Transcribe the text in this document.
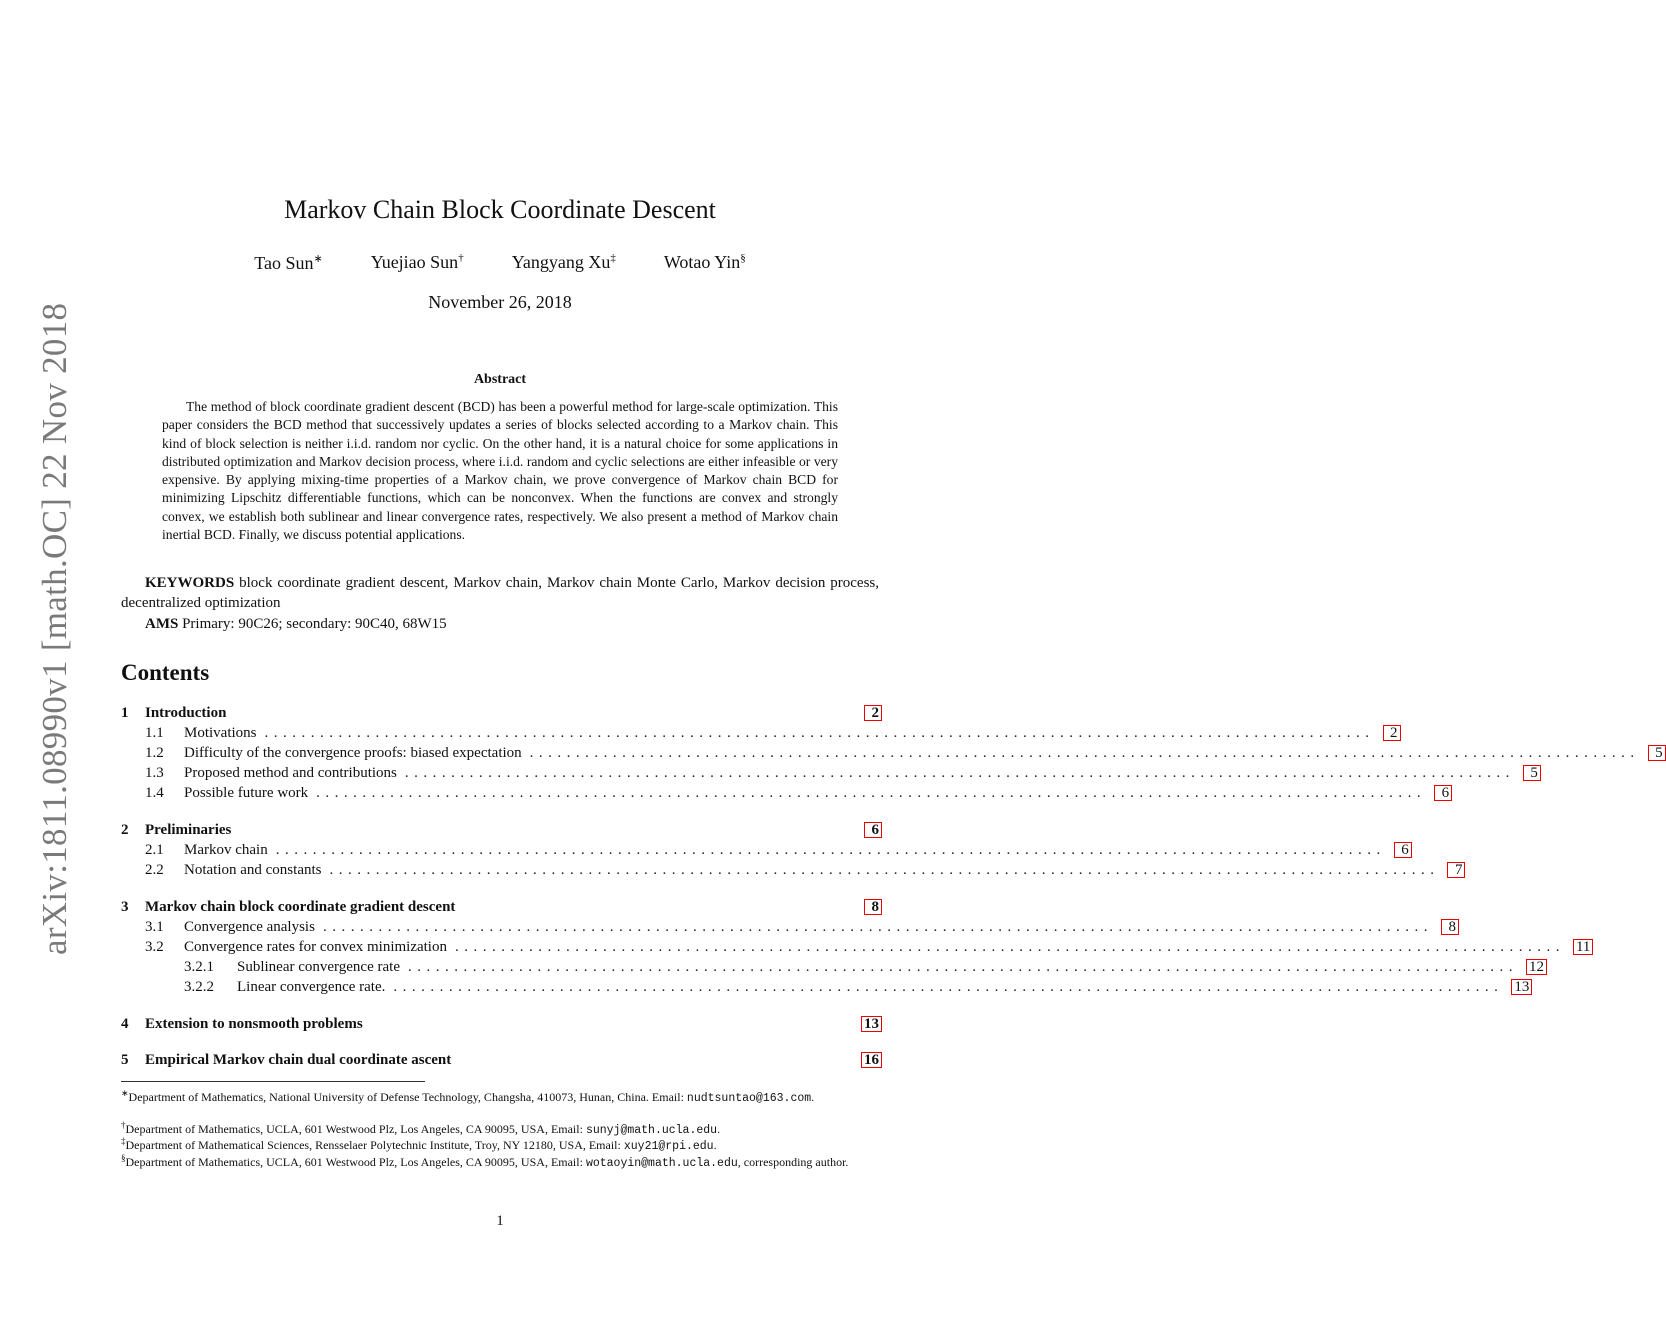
arXiv:1811.08990v1 [math.OC] 22 Nov 2018
Markov Chain Block Coordinate Descent
Tao Sun∗	Yuejiao Sun†	Yangyang Xu‡	Wotao Yin§
November 26, 2018
Abstract
The method of block coordinate gradient descent (BCD) has been a powerful method for large-scale optimization. This paper considers the BCD method that successively updates a series of blocks selected according to a Markov chain. This kind of block selection is neither i.i.d. random nor cyclic. On the other hand, it is a natural choice for some applications in distributed optimization and Markov decision process, where i.i.d. random and cyclic selections are either infeasible or very expensive. By applying mixing-time properties of a Markov chain, we prove convergence of Markov chain BCD for minimizing Lipschitz differentiable functions, which can be nonconvex. When the functions are convex and strongly convex, we establish both sublinear and linear convergence rates, respectively. We also present a method of Markov chain inertial BCD. Finally, we discuss potential applications.
KEYWORDS block coordinate gradient descent, Markov chain, Markov chain Monte Carlo, Markov decision process, decentralized optimization
AMS Primary: 90C26; secondary: 90C40, 68W15
Contents
1	Introduction	2
1.1	Motivations ........................................................................................................................	2
1.2	Difficulty of the convergence proofs: biased expectation ........................................................................................................................	5
1.3	Proposed method and contributions ........................................................................................................................	5
1.4	Possible future work ........................................................................................................................	6
2	Preliminaries	6
2.1	Markov chain ........................................................................................................................	6
2.2	Notation and constants ........................................................................................................................	7
3	Markov chain block coordinate gradient descent	8
3.1	Convergence analysis ........................................................................................................................	8
3.2	Convergence rates for convex minimization ........................................................................................................................ 11
3.2.1	Sublinear convergence rate ........................................................................................................................ 12
3.2.2	Linear convergence rate. ........................................................................................................................ 13
4	Extension to nonsmooth problems	13
5	Empirical Markov chain dual coordinate ascent	16
∗Department of Mathematics, National University of Defense Technology, Changsha, 410073, Hunan, China. Email: nudtsuntao@163.com.
†Department of Mathematics, UCLA, 601 Westwood Plz, Los Angeles, CA 90095, USA, Email: sunyj@math.ucla.edu.
‡Department of Mathematical Sciences, Rensselaer Polytechnic Institute, Troy, NY 12180, USA, Email: xuy21@rpi.edu.
§Department of Mathematics, UCLA, 601 Westwood Plz, Los Angeles, CA 90095, USA, Email: wotaoyin@math.ucla.edu, corresponding author.
1
